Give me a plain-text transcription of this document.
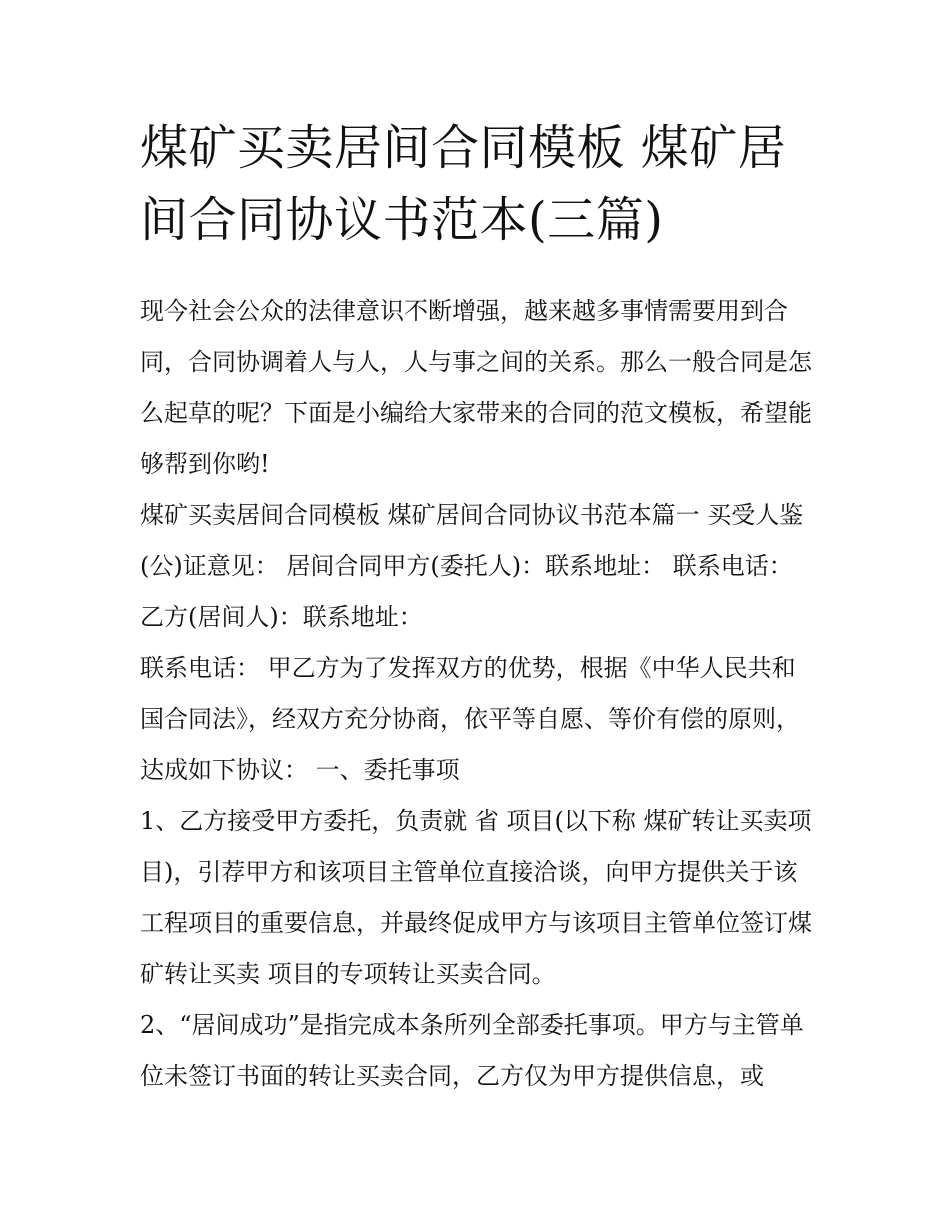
煤矿买卖居间合同模板 煤矿居间合同协议书范本(三篇)

现今社会公众的法律意识不断增强，越来越多事情需要用到合同，合同协调着人与人，人与事之间的关系。那么一般合同是怎么起草的呢？下面是小编给大家带来的合同的范文模板，希望能够帮到你哟!

煤矿买卖居间合同模板 煤矿居间合同协议书范本篇一 买受人鉴(公)证意见： 居间合同甲方(委托人)：联系地址： 联系电话： 乙方(居间人)：联系地址：

联系电话： 甲乙方为了发挥双方的优势，根据《中华人民共和国合同法》，经双方充分协商，依平等自愿、等价有偿的原则，达成如下协议： 一、委托事项

1、乙方接受甲方委托，负责就 省 项目(以下称 煤矿转让买卖项目)，引荐甲方和该项目主管单位直接洽谈，向甲方提供关于该工程项目的重要信息，并最终促成甲方与该项目主管单位签订煤矿转让买卖 项目的专项转让买卖合同。

2、“居间成功”是指完成本条所列全部委托事项。甲方与主管单位未签订书面的转让买卖合同，乙方仅为甲方提供信息，或
